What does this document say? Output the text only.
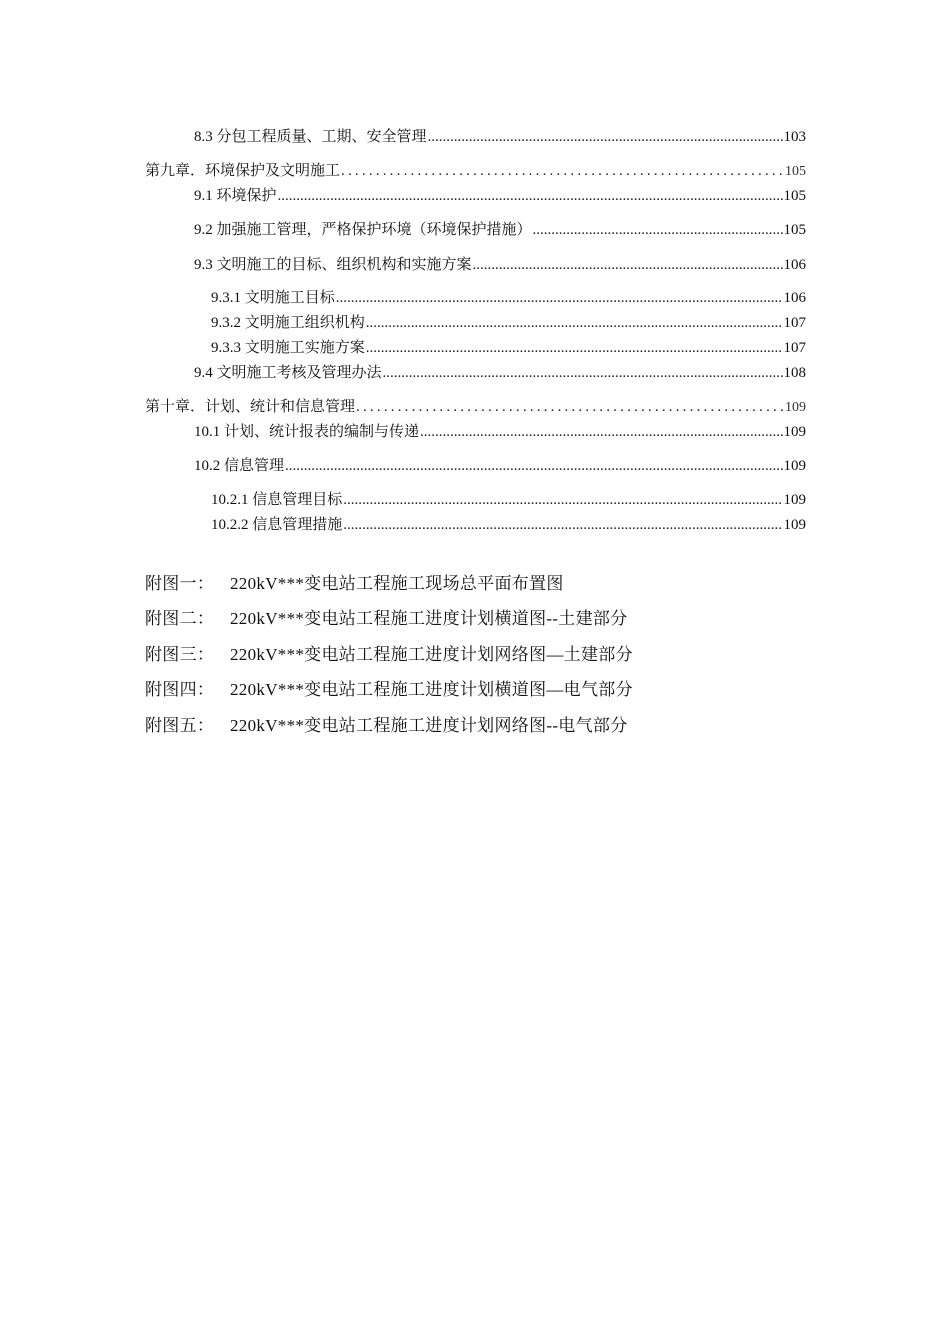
8.3 分包工程质量、工期、安全管理 .....	103
第九章．环境保护及文明施工 .....	105
9.1 环境保护 .....	105
9.2 加强施工管理，严格保护环境（环境保护措施） .....	105
9.3 文明施工的目标、组织机构和实施方案 .....	106
9.3.1 文明施工目标 .....	106
9.3.2 文明施工组织机构 .....	107
9.3.3 文明施工实施方案 .....	107
9.4 文明施工考核及管理办法 .....	108
第十章．计划、统计和信息管理 .....	109
10.1 计划、统计报表的编制与传递 .....	109
10.2 信息管理 .....	109
10.2.1 信息管理目标 .....	109
10.2.2 信息管理措施 .....	109
附图一： 220kV***变电站工程施工现场总平面布置图
附图二： 220kV***变电站工程施工进度计划横道图--土建部分
附图三： 220kV***变电站工程施工进度计划网络图—土建部分
附图四： 220kV***变电站工程施工进度计划横道图—电气部分
附图五： 220kV***变电站工程施工进度计划网络图--电气部分
